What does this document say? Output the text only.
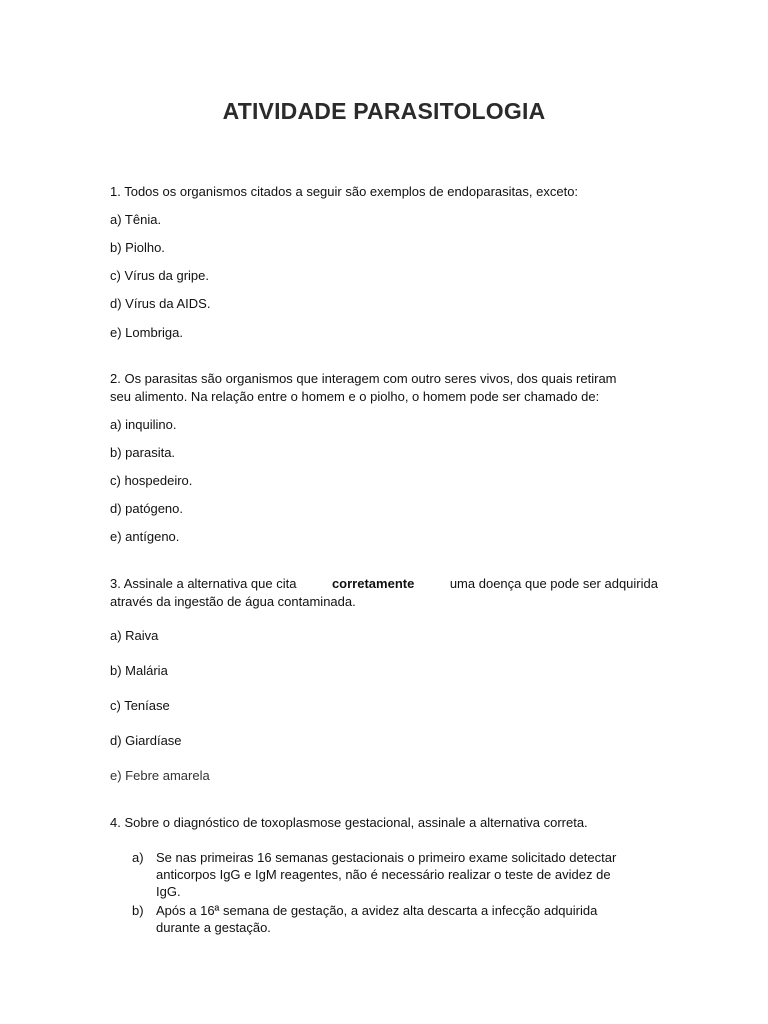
ATIVIDADE PARASITOLOGIA
1. Todos os organismos citados a seguir são exemplos de endoparasitas, exceto:
a) Tênia.
b) Piolho.
c) Vírus da gripe.
d) Vírus da AIDS.
e) Lombriga.
2. Os parasitas são organismos que interagem com outro seres vivos, dos quais retiram
seu alimento. Na relação entre o homem e o piolho, o homem pode ser chamado de:
a) inquilino.
b) parasita.
c) hospedeiro.
d) patógeno.
e) antígeno.
3. Assinale a alternativa que cita	corretamente	uma doença que pode ser adquirida
através da ingestão de água contaminada.
a) Raiva
b) Malária
c) Teníase
d) Giardíase
e) Febre amarela
4. Sobre o diagnóstico de toxoplasmose gestacional, assinale a alternativa correta.
a) Se nas primeiras 16 semanas gestacionais o primeiro exame solicitado detectar
anticorpos IgG e IgM reagentes, não é necessário realizar o teste de avidez de
IgG.
b) Após a 16ª semana de gestação, a avidez alta descarta a infecção adquirida
durante a gestação.
